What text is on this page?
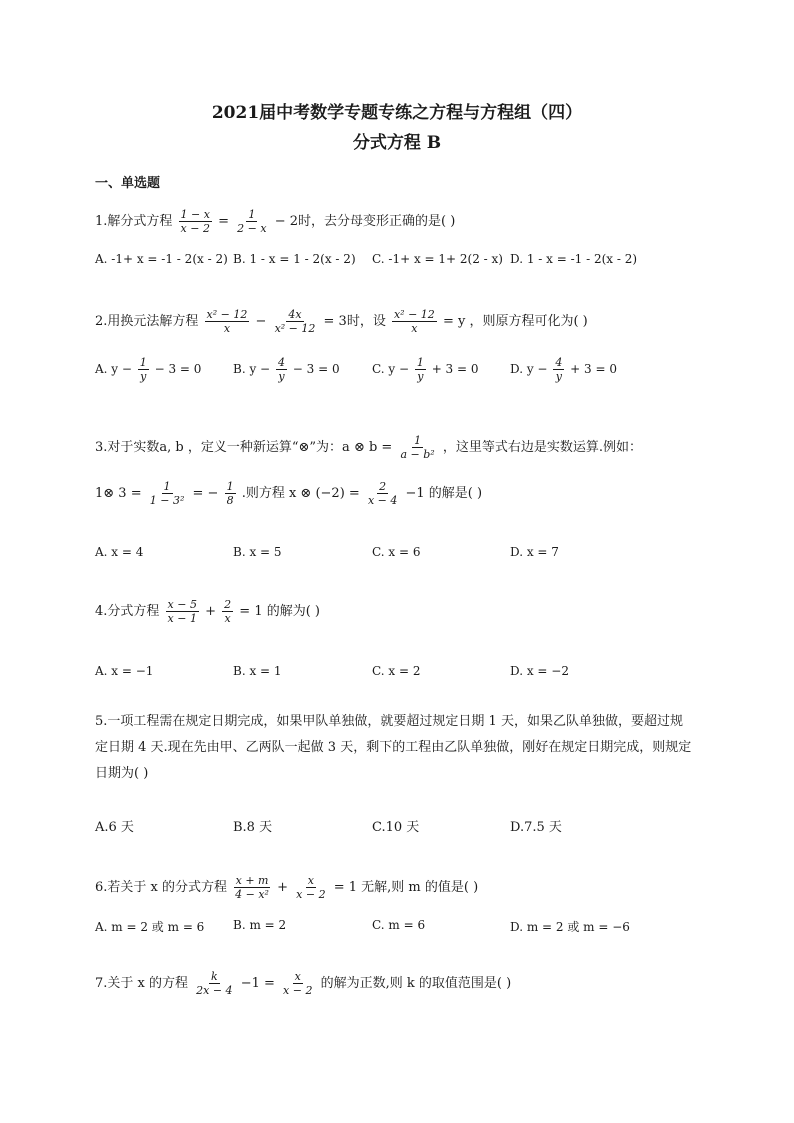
2021届中考数学专题专练之方程与方程组（四）
分式方程 B
一、单选题
1.解分式方程 $\frac{1 - x}{x - 2} = \frac{1}{2 - x} - 2$时，去分母变形正确的是( )
A. -1+ x = -1 - 2(x - 2) B. 1 - x = 1 - 2(x - 2) C. -1+ x = 1+ 2(2 - x) D. 1 - x = -1 - 2(x - 2)
2.用换元法解方程 $\frac{\text{x² − 12}}{x} - \frac{4x}{\text{x² − 12}} = 3$时，设 $\frac{\text{x² − 12}}{x} = y$ ，则原方程可化为( )
A. $y - \frac{1}{y} - 3 = 0$	B. $y - \frac{4}{y} - 3 = 0$	C. $y - \frac{1}{y} + 3 = 0$	D. $y - \frac{4}{y} + 3 = 0$
3.对于实数a, b ，定义一种新运算“⊗”为：a ⊗ $b = \frac{1}{\text{a − b²}}$ ，这里等式右边是实数运算.例如：
1⊗ $3 = \frac{1}{\text{1 − 3²}}$ = − $\frac{1}{8}$ .则方程 x ⊗ $(-2) = \frac{2}{x - 4} -1$ 的解是( )
A. x = 4	B. x = 5	C. x = 6	D. x = 7
4.分式方程 $\frac{x - 5}{x - 1} + \frac{2}{x} = 1$ 的解为( )
A. x = −1	B. x = 1	C. x = 2	D. x = −2
5.一项工程需在规定日期完成，如果甲队单独做，就要超过规定日期 1 天，如果乙队单独做，要超过规定日期 4 天.现在先由甲、乙两队一起做 3 天，剩下的工程由乙队单独做，刚好在规定日期完成，则规定日期为( )
A.6 天	B.8 天	C.10 天	D.7.5 天
6.若关于 x 的分式方程 $\frac{x + m}{\text{4 − x²}} + \frac{x}{x - 2} = 1$ 无解,则 m 的值是( )
A. m = 2 或 m = 6 B. m = 2	C. m = 6	D. m = 2 或 m = −6
7.关于 x 的方程 $\frac{k}{2x - 4} -1 = \frac{x}{x - 2}$ 的解为正数,则 k 的取值范围是( )
